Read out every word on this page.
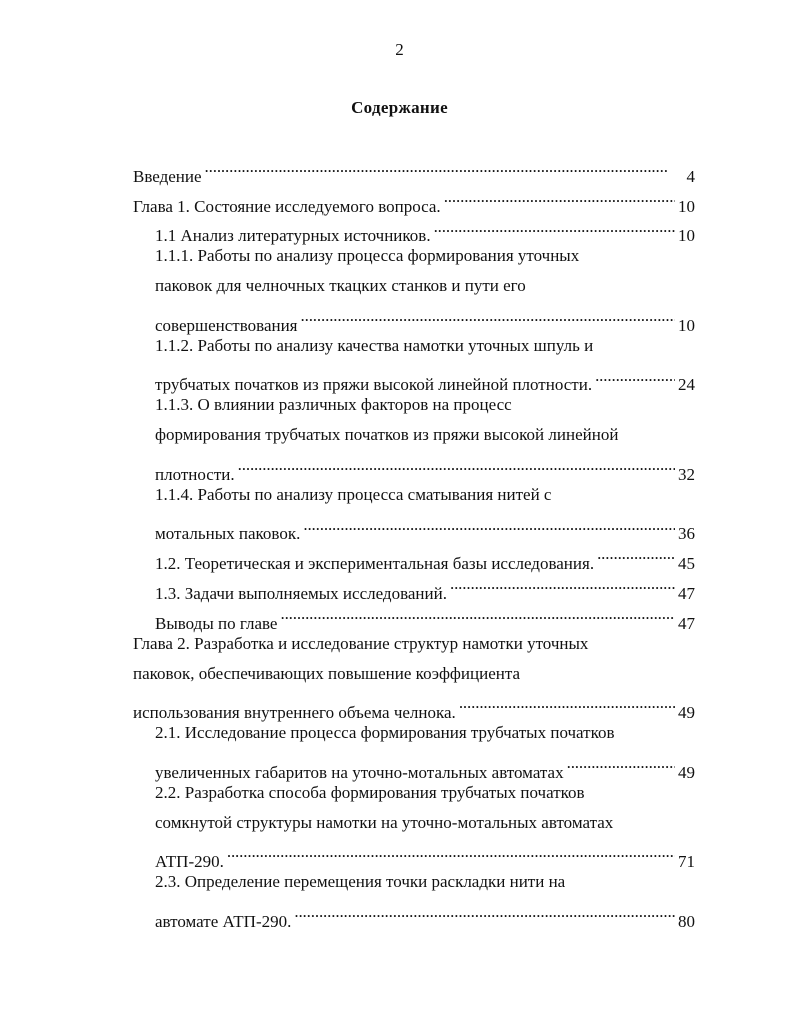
2
Содержание
Введение . . .	4
Глава 1. Состояние исследуемого вопроса. . . .	10
1.1 Анализ литературных источников. . . .	10
1.1.1. Работы по анализу процесса формирования уточных
паковок для челночных ткацких станков и пути его
совершенствования . . .	10
1.1.2. Работы по анализу качества намотки уточных шпуль и
трубчатых початков из пряжи высокой линейной плотности. . . .	24
1.1.3. О влиянии различных факторов на процесс
формирования трубчатых початков из пряжи высокой линейной
плотности. . . .	32
1.1.4. Работы по анализу процесса сматывания нитей с
мотальных паковок. . . .	36
1.2. Теоретическая и экспериментальная базы исследования. . . .	45
1.3. Задачи выполняемых исследований. . . .	47
Выводы по главе . . .	47
Глава 2. Разработка и исследование структур намотки уточных
паковок, обеспечивающих повышение коэффициента
использования внутреннего объема челнока. . . .	49
2.1. Исследование процесса формирования трубчатых початков
увеличенных габаритов на уточно-мотальных автоматах . . .	49
2.2. Разработка способа формирования трубчатых початков
сомкнутой структуры намотки на уточно-мотальных автоматах
АТП-290. . . .	71
2.3. Определение перемещения точки раскладки нити на
автомате АТП-290. . . .	80
